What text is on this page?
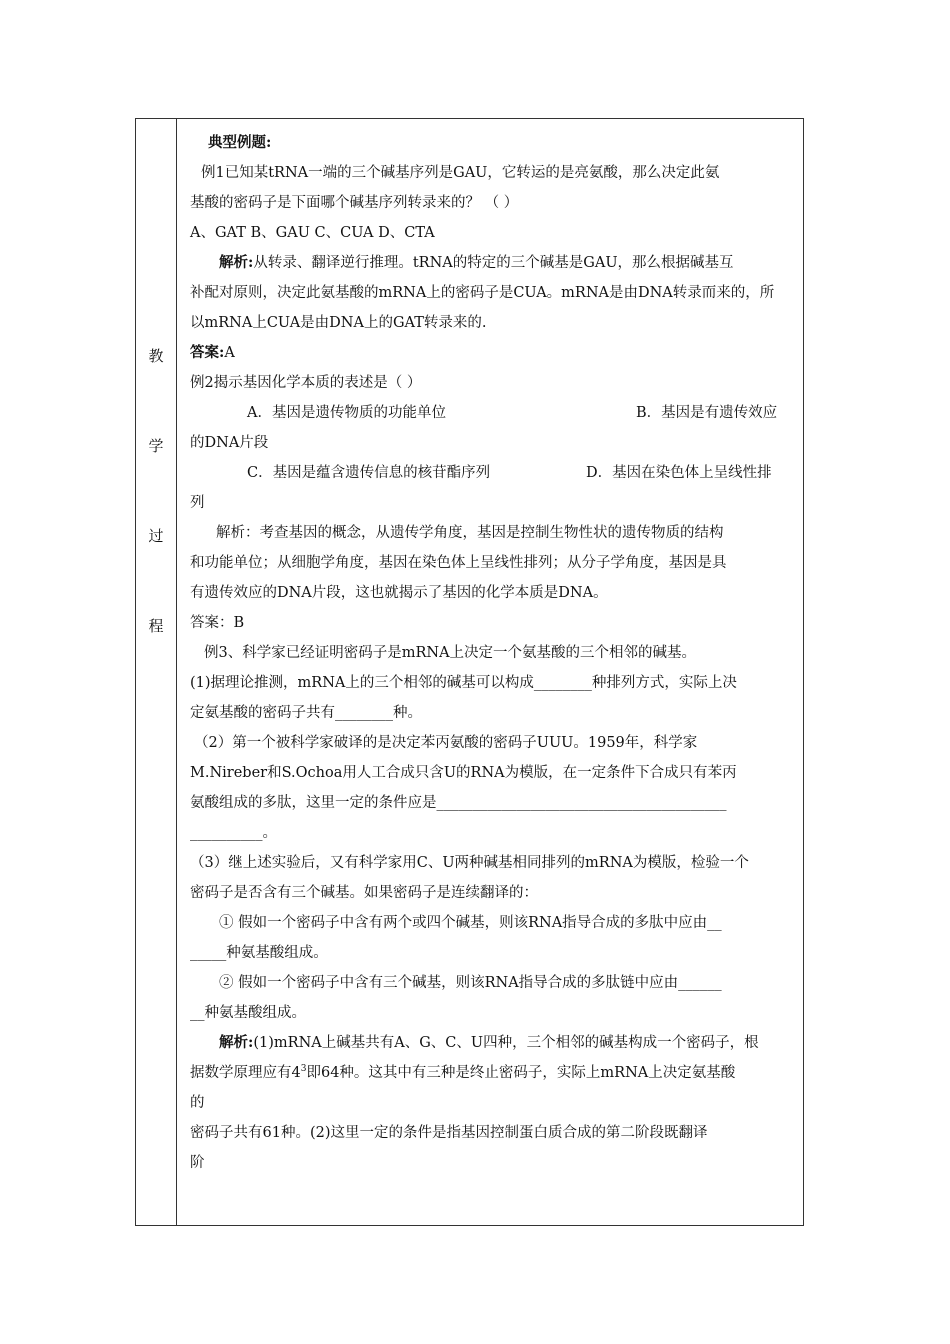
教
学
过
程
典型例题:
例1已知某tRNA一端的三个碱基序列是GAU，它转运的是亮氨酸，那么决定此氨
基酸的密码子是下面哪个碱基序列转录来的？ （ ）
A、GAT B、GAU C、CUA D、CTA
解析:从转录、翻译逆行推理。tRNA的特定的三个碱基是GAU，那么根据碱基互
补配对原则，决定此氨基酸的mRNA上的密码子是CUA。mRNA是由DNA转录而来的，所
以mRNA上CUA是由DNA上的GAT转录来的.
答案:A
例2揭示基因化学本质的表述是（ ）
A．基因是遗传物质的功能单位	B．基因是有遗传效应
的DNA片段
C．基因是蕴含遗传信息的核苷酯序列	D．基因在染色体上呈线性排
列
解析：考查基因的概念，从遗传学角度，基因是控制生物性状的遗传物质的结构
和功能单位；从细胞学角度，基因在染色体上呈线性排列；从分子学角度，基因是具
有遗传效应的DNA片段，这也就揭示了基因的化学本质是DNA。
答案：B
例3、科学家已经证明密码子是mRNA上决定一个氨基酸的三个相邻的碱基。
(1)据理论推测，mRNA上的三个相邻的碱基可以构成________种排列方式，实际上决
定氨基酸的密码子共有________种。
（2）第一个被科学家破译的是决定苯丙氨酸的密码子UUU。1959年，科学家
M.Nireber和S.Ochoa用人工合成只含U的RNA为模版，在一定条件下合成只有苯丙
氨酸组成的多肽，这里一定的条件应是________________________________________
__________。
（3）继上述实验后，又有科学家用C、U两种碱基相同排列的mRNA为模版，检验一个
密码子是否含有三个碱基。如果密码子是连续翻译的：
① 假如一个密码子中含有两个或四个碱基，则该RNA指导合成的多肽中应由__
_____种氨基酸组成。
② 假如一个密码子中含有三个碱基，则该RNA指导合成的多肽链中应由______
__种氨基酸组成。
解析:(1)mRNA上碱基共有A、G、C、U四种，三个相邻的碱基构成一个密码子，根
据数学原理应有$4^3$即64种。这其中有三种是终止密码子，实际上mRNA上决定氨基酸
的
密码子共有61种。(2)这里一定的条件是指基因控制蛋白质合成的第二阶段既翻译
阶
